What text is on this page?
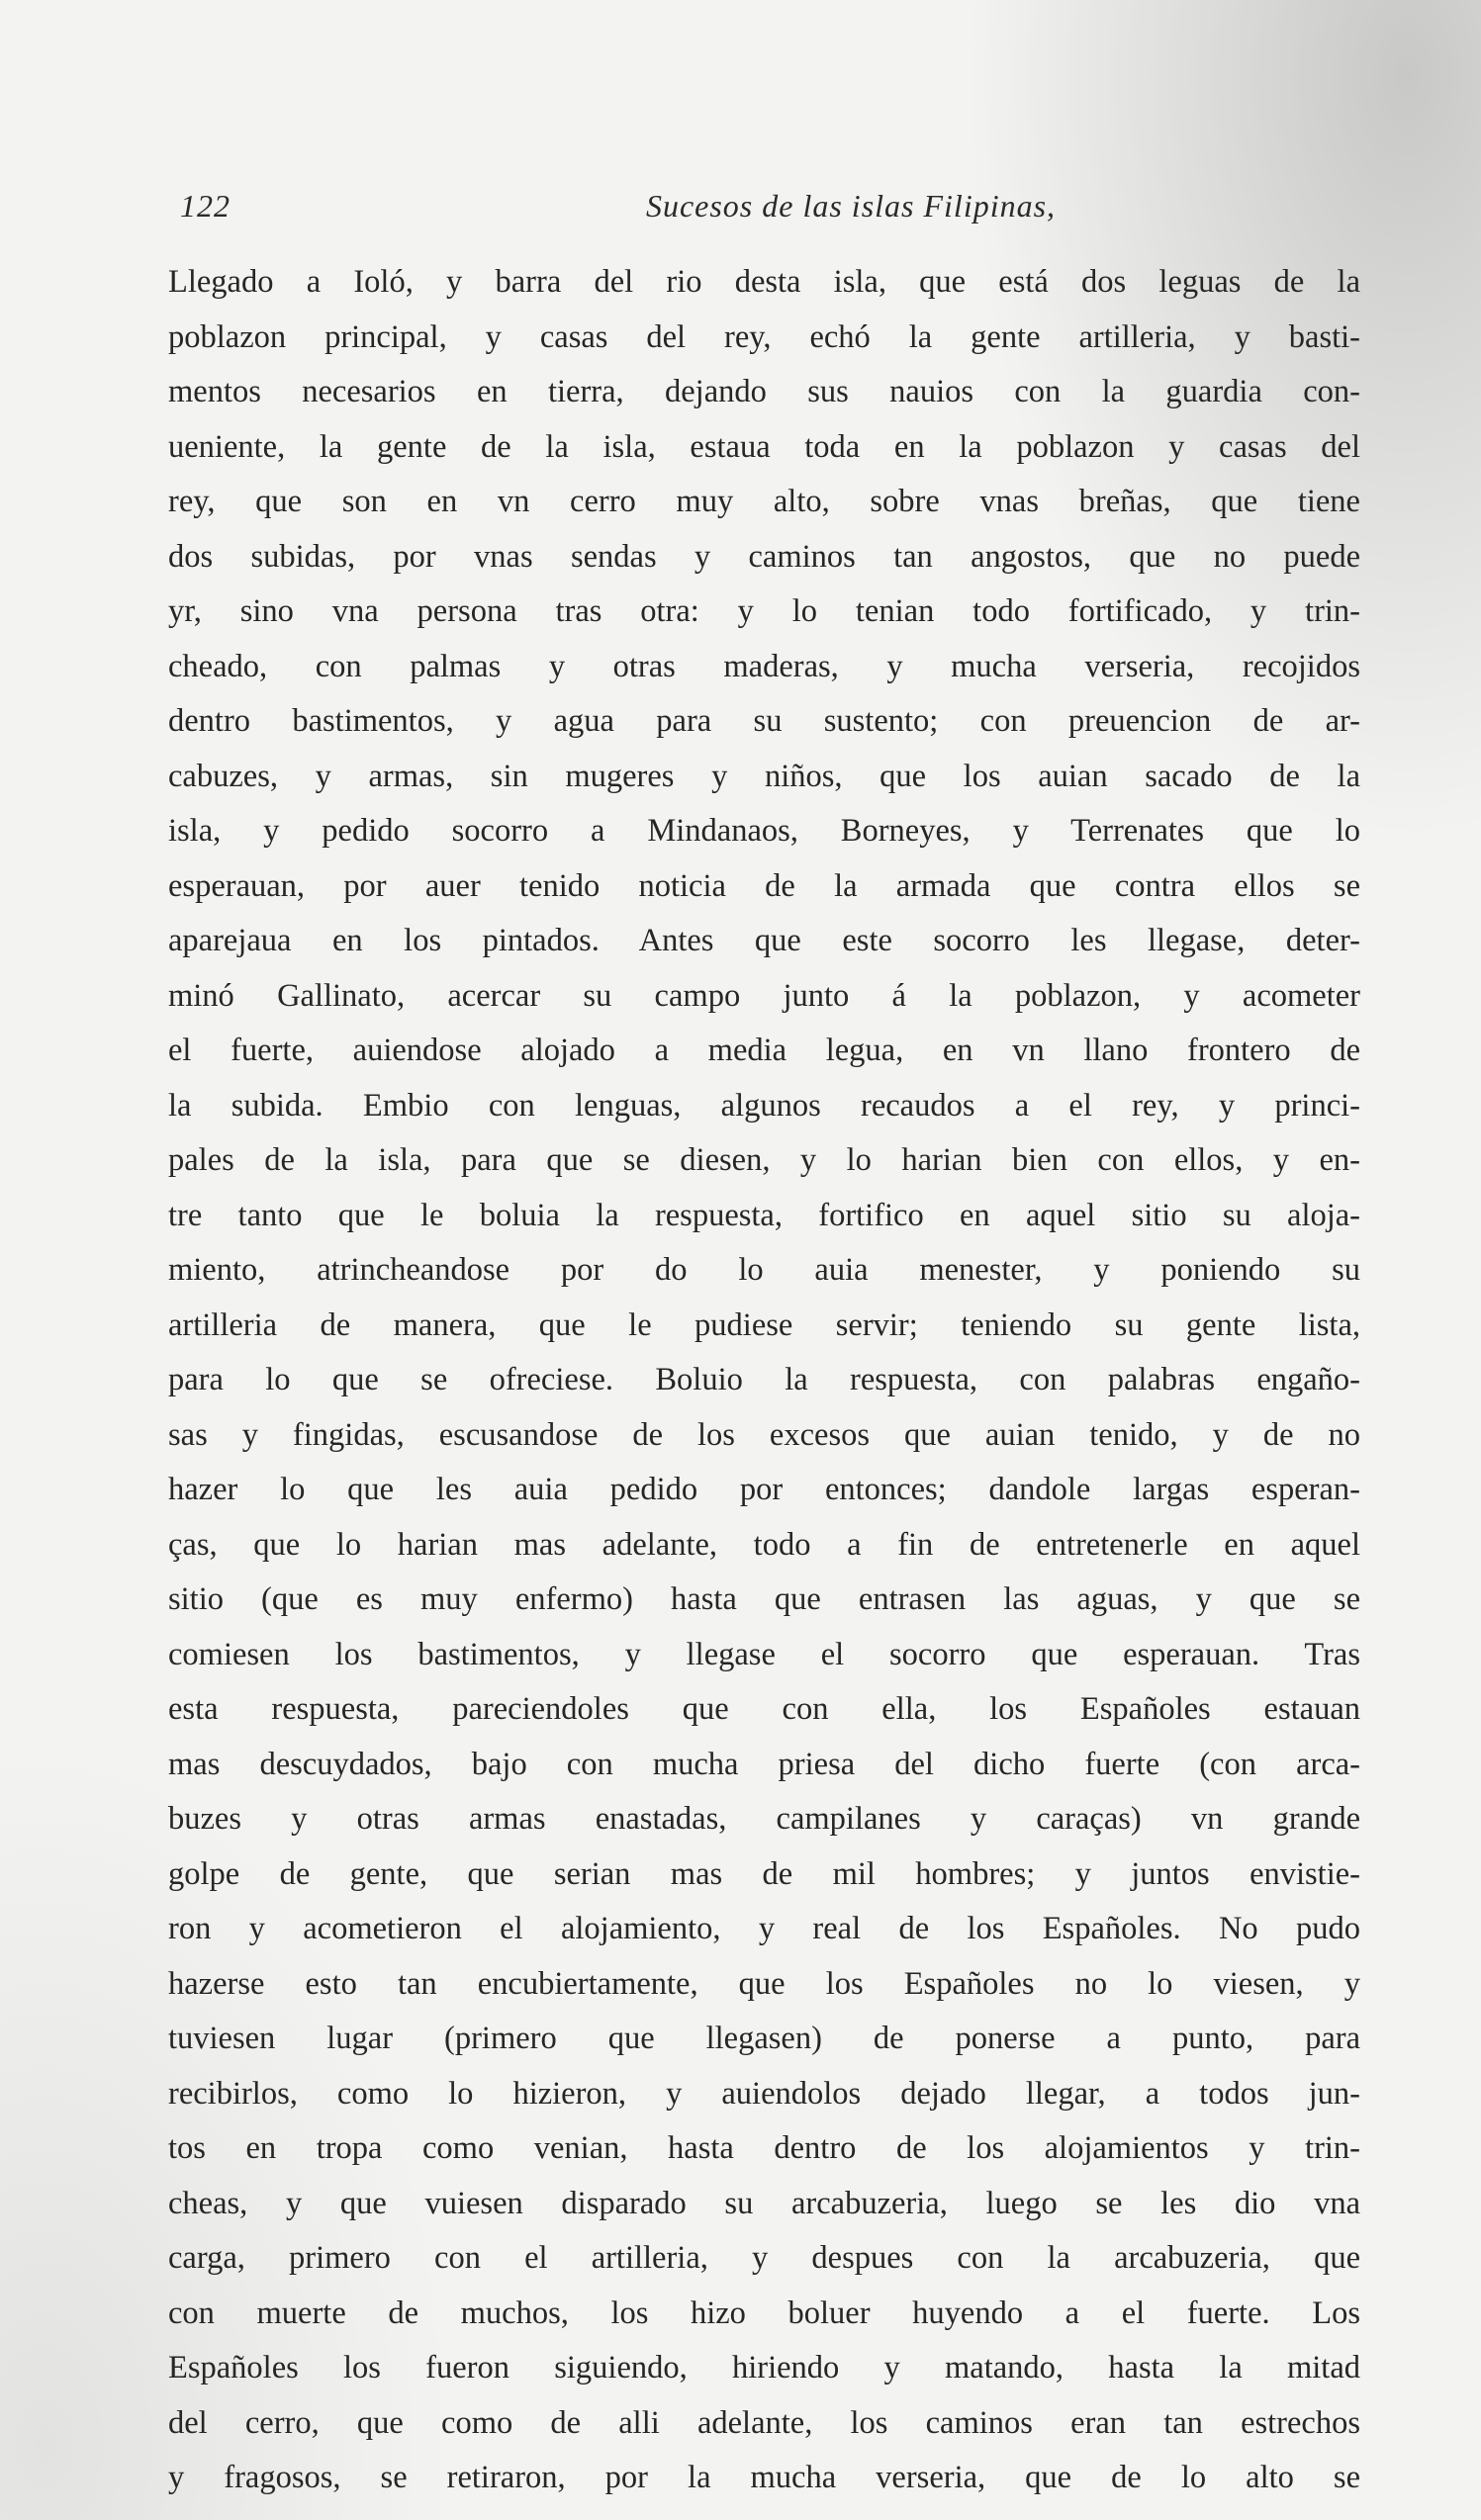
122	Sucesos de las islas Filipinas,
Llegado a Ioló, y barra del rio desta isla, que está dos leguas de la
poblazon principal, y casas del rey, echó la gente artilleria, y basti-
mentos necesarios en tierra, dejando sus nauios con la guardia con-
ueniente, la gente de la isla, estaua toda en la poblazon y casas del
rey, que son en vn cerro muy alto, sobre vnas breñas, que tiene
dos subidas, por vnas sendas y caminos tan angostos, que no puede
yr, sino vna persona tras otra: y lo tenian todo fortificado, y trin-
cheado, con palmas y otras maderas, y mucha verseria, recojidos
dentro bastimentos, y agua para su sustento; con preuencion de ar-
cabuzes, y armas, sin mugeres y niños, que los auian sacado de la
isla, y pedido socorro a Mindanaos, Borneyes, y Terrenates que lo
esperauan, por auer tenido noticia de la armada que contra ellos se
aparejaua en los pintados. Antes que este socorro les llegase, deter-
minó Gallinato, acercar su campo junto á la poblazon, y acometer
el fuerte, auiendose alojado a media legua, en vn llano frontero de
la subida. Embio con lenguas, algunos recaudos a el rey, y princi-
pales de la isla, para que se diesen, y lo harian bien con ellos, y en-
tre tanto que le boluia la respuesta, fortifico en aquel sitio su aloja-
miento, atrincheandose por do lo auia menester, y poniendo su
artilleria de manera, que le pudiese servir; teniendo su gente lista,
para lo que se ofreciese. Boluio la respuesta, con palabras engaño-
sas y fingidas, escusandose de los excesos que auian tenido, y de no
hazer lo que les auia pedido por entonces; dandole largas esperan-
ças, que lo harian mas adelante, todo a fin de entretenerle en aquel
sitio (que es muy enfermo) hasta que entrasen las aguas, y que se
comiesen los bastimentos, y llegase el socorro que esperauan. Tras
esta respuesta, pareciendoles que con ella, los Españoles estauan
mas descuydados, bajo con mucha priesa del dicho fuerte (con arca-
buzes y otras armas enastadas, campilanes y caraças) vn grande
golpe de gente, que serian mas de mil hombres; y juntos envistie-
ron y acometieron el alojamiento, y real de los Españoles. No pudo
hazerse esto tan encubiertamente, que los Españoles no lo viesen, y
tuviesen lugar (primero que llegasen) de ponerse a punto, para
recibirlos, como lo hizieron, y auiendolos dejado llegar, a todos jun-
tos en tropa como venian, hasta dentro de los alojamientos y trin-
cheas, y que vuiesen disparado su arcabuzeria, luego se les dio vna
carga, primero con el artilleria, y despues con la arcabuzeria, que
con muerte de muchos, los hizo boluer huyendo a el fuerte. Los
Españoles los fueron siguiendo, hiriendo y matando, hasta la mitad
del cerro, que como de alli adelante, los caminos eran tan estrechos
y fragosos, se retiraron, por la mucha verseria, que de lo alto se
